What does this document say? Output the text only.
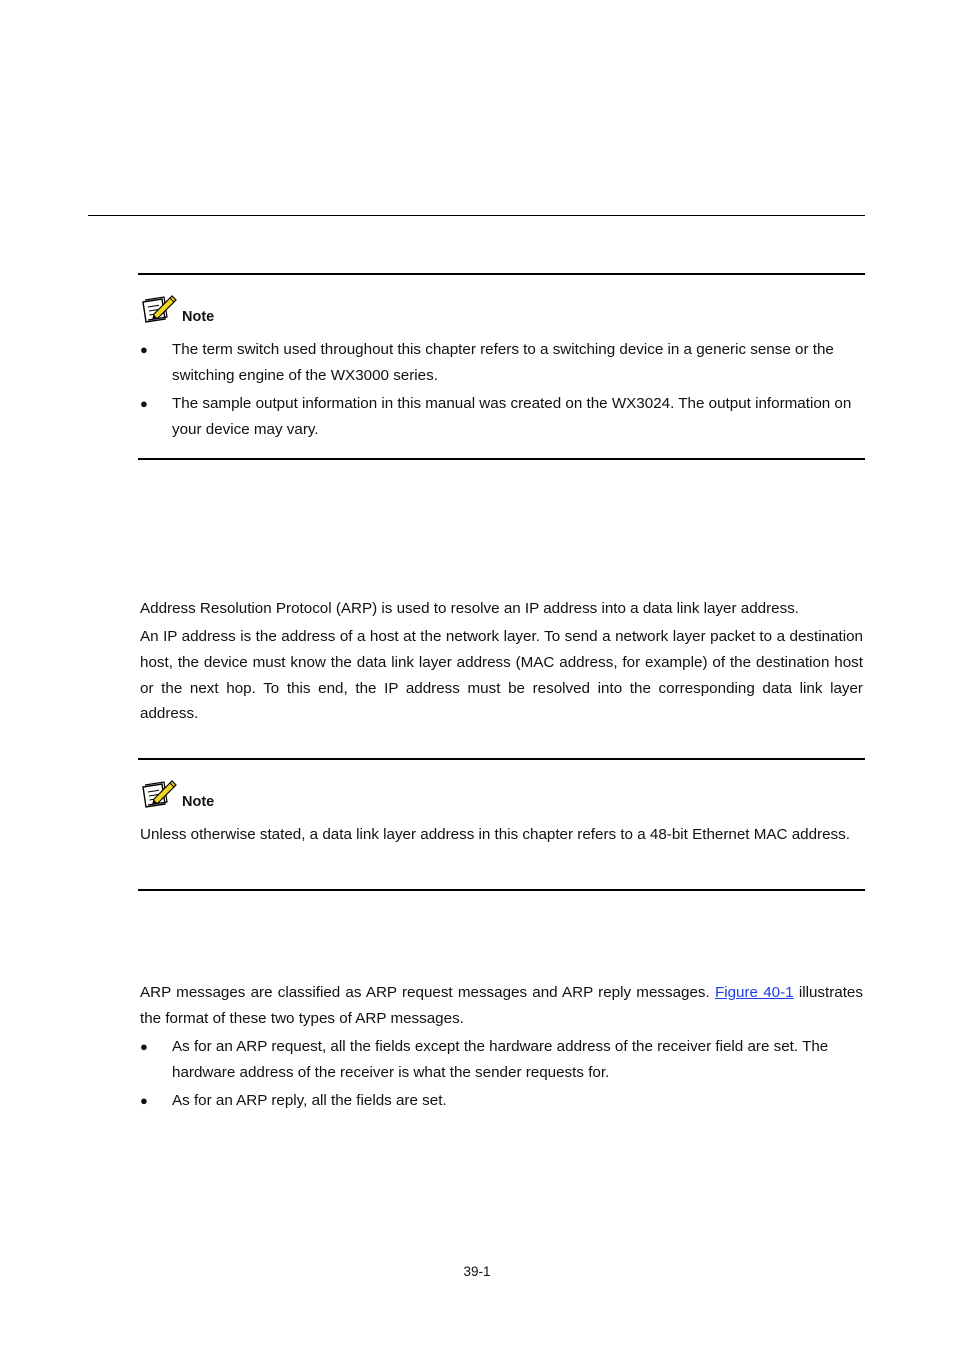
Note
● The term switch used throughout this chapter refers to a switching device in a generic sense or the switching engine of the WX3000 series.
● The sample output information in this manual was created on the WX3024. The output information on your device may vary.
Address Resolution Protocol (ARP) is used to resolve an IP address into a data link layer address.
An IP address is the address of a host at the network layer. To send a network layer packet to a destination host, the device must know the data link layer address (MAC address, for example) of the destination host or the next hop. To this end, the IP address must be resolved into the corresponding data link layer address.
Note
Unless otherwise stated, a data link layer address in this chapter refers to a 48-bit Ethernet MAC address.
ARP messages are classified as ARP request messages and ARP reply messages. Figure 40-1 illustrates the format of these two types of ARP messages.
● As for an ARP request, all the fields except the hardware address of the receiver field are set. The hardware address of the receiver is what the sender requests for.
● As for an ARP reply, all the fields are set.
39-1
